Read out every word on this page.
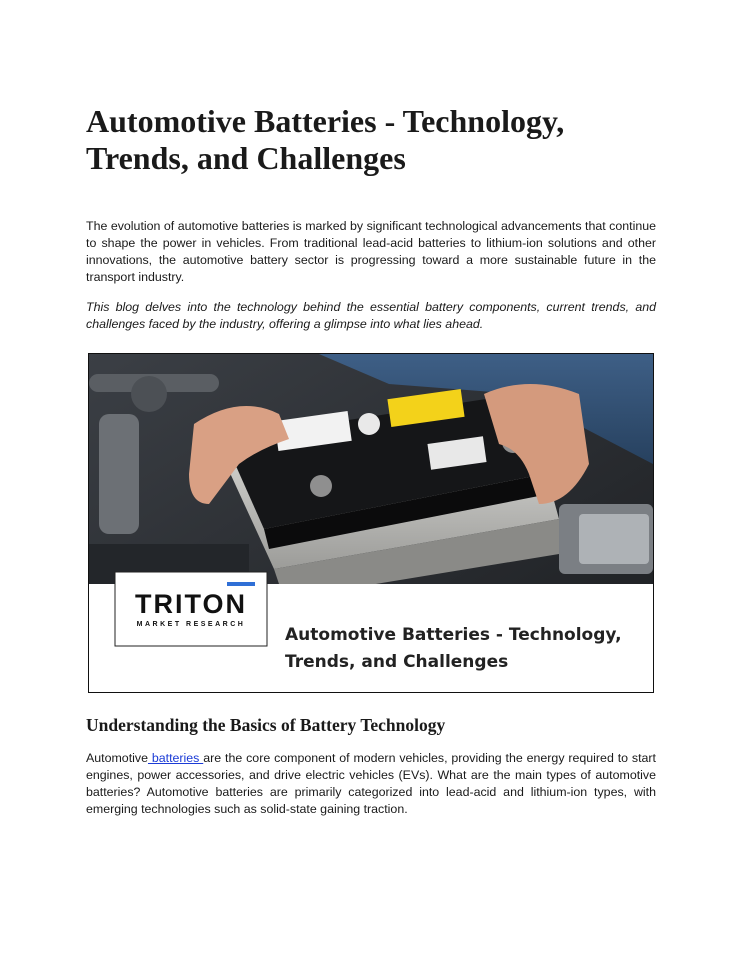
Automotive Batteries - Technology, Trends, and Challenges

The evolution of automotive batteries is marked by significant technological advancements that continue to shape the power in vehicles. From traditional lead-acid batteries to lithium-ion solutions and other innovations, the automotive battery sector is progressing toward a more sustainable future in the transport industry.

This blog delves into the technology behind the essential battery components, current trends, and challenges faced by the industry, offering a glimpse into what lies ahead.

TRITON
MARKET RESEARCH
Automotive Batteries - Technology,
Trends, and Challenges
Understanding the Basics of Battery Technology

Automotive batteries are the core component of modern vehicles, providing the energy required to start engines, power accessories, and drive electric vehicles (EVs). What are the main types of automotive batteries? Automotive batteries are primarily categorized into lead-acid and lithium-ion types, with emerging technologies such as solid-state gaining traction.
